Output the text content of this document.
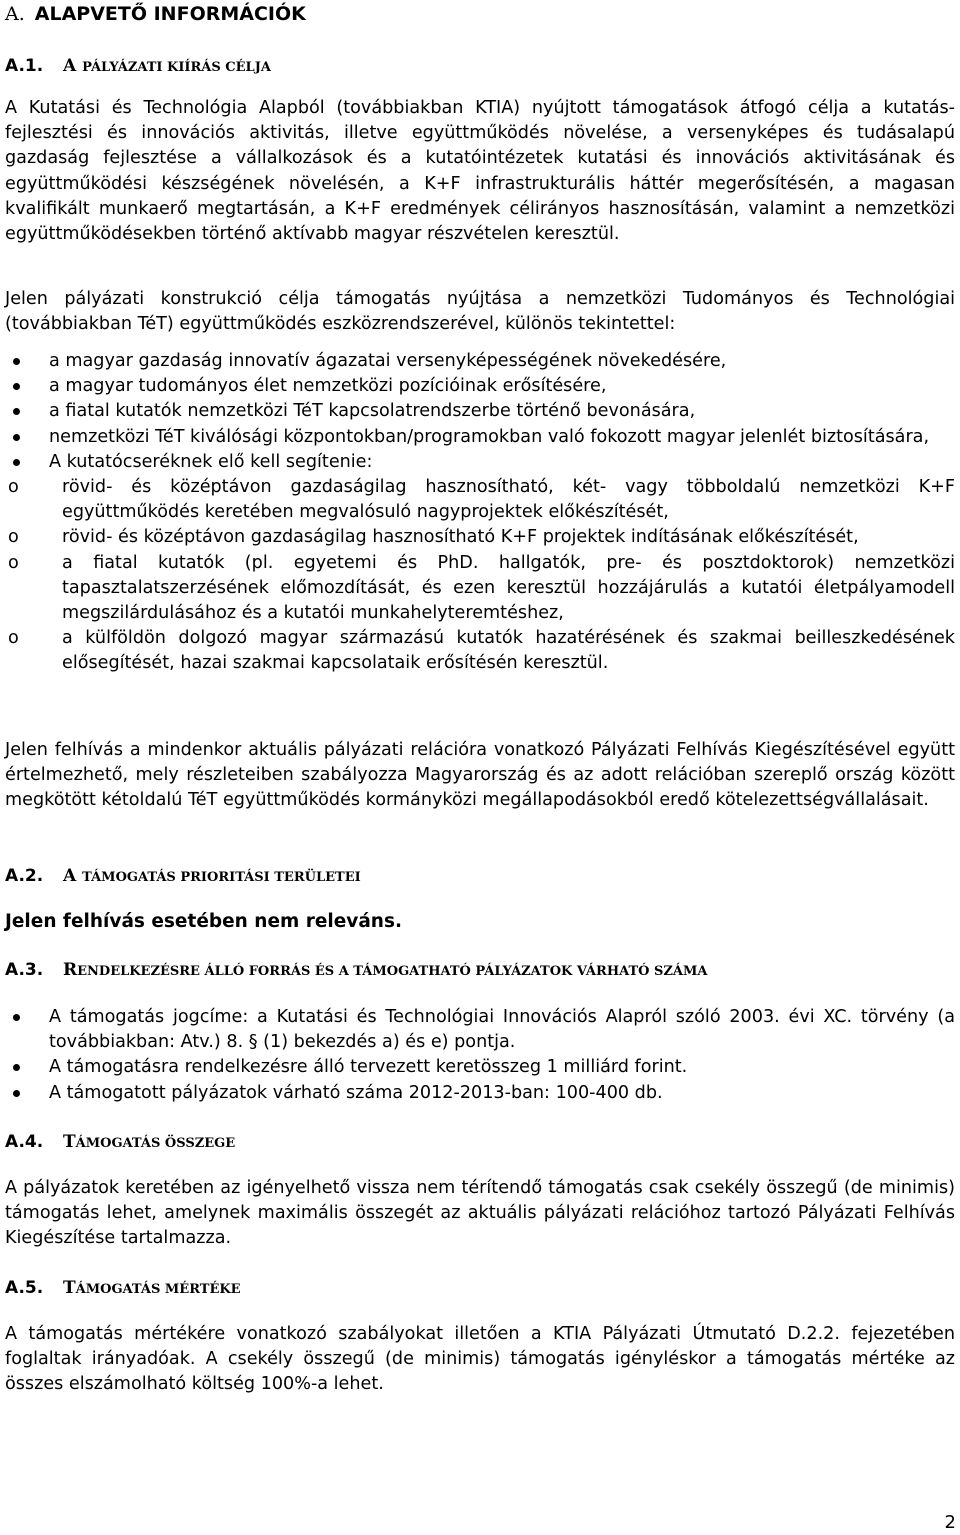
A. ALAPVETŐ INFORMÁCIÓK
A.1. A PÁLYÁZATI KIÍRÁS CÉLJA

A Kutatási és Technológia Alapból (továbbiakban KTIA) nyújtott támogatások átfogó célja a kutatás-fejlesztési és innovációs aktivitás, illetve együttműködés növelése, a versenyképes és tudásalapú gazdaság fejlesztése a vállalkozások és a kutatóintézetek kutatási és innovációs aktivitásának és együttműködési készségének növelésén, a K+F infrastrukturális háttér megerősítésén, a magasan kvalifikált munkaerő megtartásán, a K+F eredmények célirányos hasznosításán, valamint a nemzetközi együttműködésekben történő aktívabb magyar részvételen keresztül.

Jelen pályázati konstrukció célja támogatás nyújtása a nemzetközi Tudományos és Technológiai (továbbiakban TéT) együttműködés eszközrendszerével, különös tekintettel:

a magyar gazdaság innovatív ágazatai versenyképességének növekedésére,
a magyar tudományos élet nemzetközi pozícióinak erősítésére,
a fiatal kutatók nemzetközi TéT kapcsolatrendszerbe történő bevonására,
nemzetközi TéT kiválósági központokban/programokban való fokozott magyar jelenlét biztosítására,
A kutatócseréknek elő kell segítenie:
o rövid- és középtávon gazdaságilag hasznosítható, két- vagy többoldalú nemzetközi K+F együttműködés keretében megvalósuló nagyprojektek előkészítését,
o rövid- és középtávon gazdaságilag hasznosítható K+F projektek indításának előkészítését,
o a fiatal kutatók (pl. egyetemi és PhD. hallgatók, pre- és posztdoktorok) nemzetközi tapasztalatszerzésének előmozdítását, és ezen keresztül hozzájárulás a kutatói életpályamodell megszilárdulásához és a kutatói munkahelyteremtéshez,
o a külföldön dolgozó magyar származású kutatók hazatérésének és szakmai beilleszkedésének elősegítését, hazai szakmai kapcsolataik erősítésén keresztül.

Jelen felhívás a mindenkor aktuális pályázati relációra vonatkozó Pályázati Felhívás Kiegészítésével együtt értelmezhető, mely részleteiben szabályozza Magyarország és az adott relációban szereplő ország között megkötött kétoldalú TéT együttműködés kormányközi megállapodásokból eredő kötelezettségvállalásait.

A.2. A TÁMOGATÁS PRIORITÁSI TERÜLETEI
Jelen felhívás esetében nem releváns.
A.3. RENDELKEZÉSRE ÁLLÓ FORRÁS ÉS A TÁMOGATHATÓ PÁLYÁZATOK VÁRHATÓ SZÁMA
A támogatás jogcíme: a Kutatási és Technológiai Innovációs Alapról szóló 2003. évi XC. törvény (a továbbiakban: Atv.) 8. § (1) bekezdés a) és e) pontja.
A támogatásra rendelkezésre álló tervezett keretösszeg 1 milliárd forint.
A támogatott pályázatok várható száma 2012-2013-ban: 100-400 db.
A.4. TÁMOGATÁS ÖSSZEGE

A pályázatok keretében az igényelhető vissza nem térítendő támogatás csak csekély összegű (de minimis) támogatás lehet, amelynek maximális összegét az aktuális pályázati relációhoz tartozó Pályázati Felhívás Kiegészítése tartalmazza.

A.5. TÁMOGATÁS MÉRTÉKE

A támogatás mértékére vonatkozó szabályokat illetően a KTIA Pályázati Útmutató D.2.2. fejezetében foglaltak irányadóak. A csekély összegű (de minimis) támogatás igényléskor a támogatás mértéke az összes elszámolható költség 100%-a lehet.

2
